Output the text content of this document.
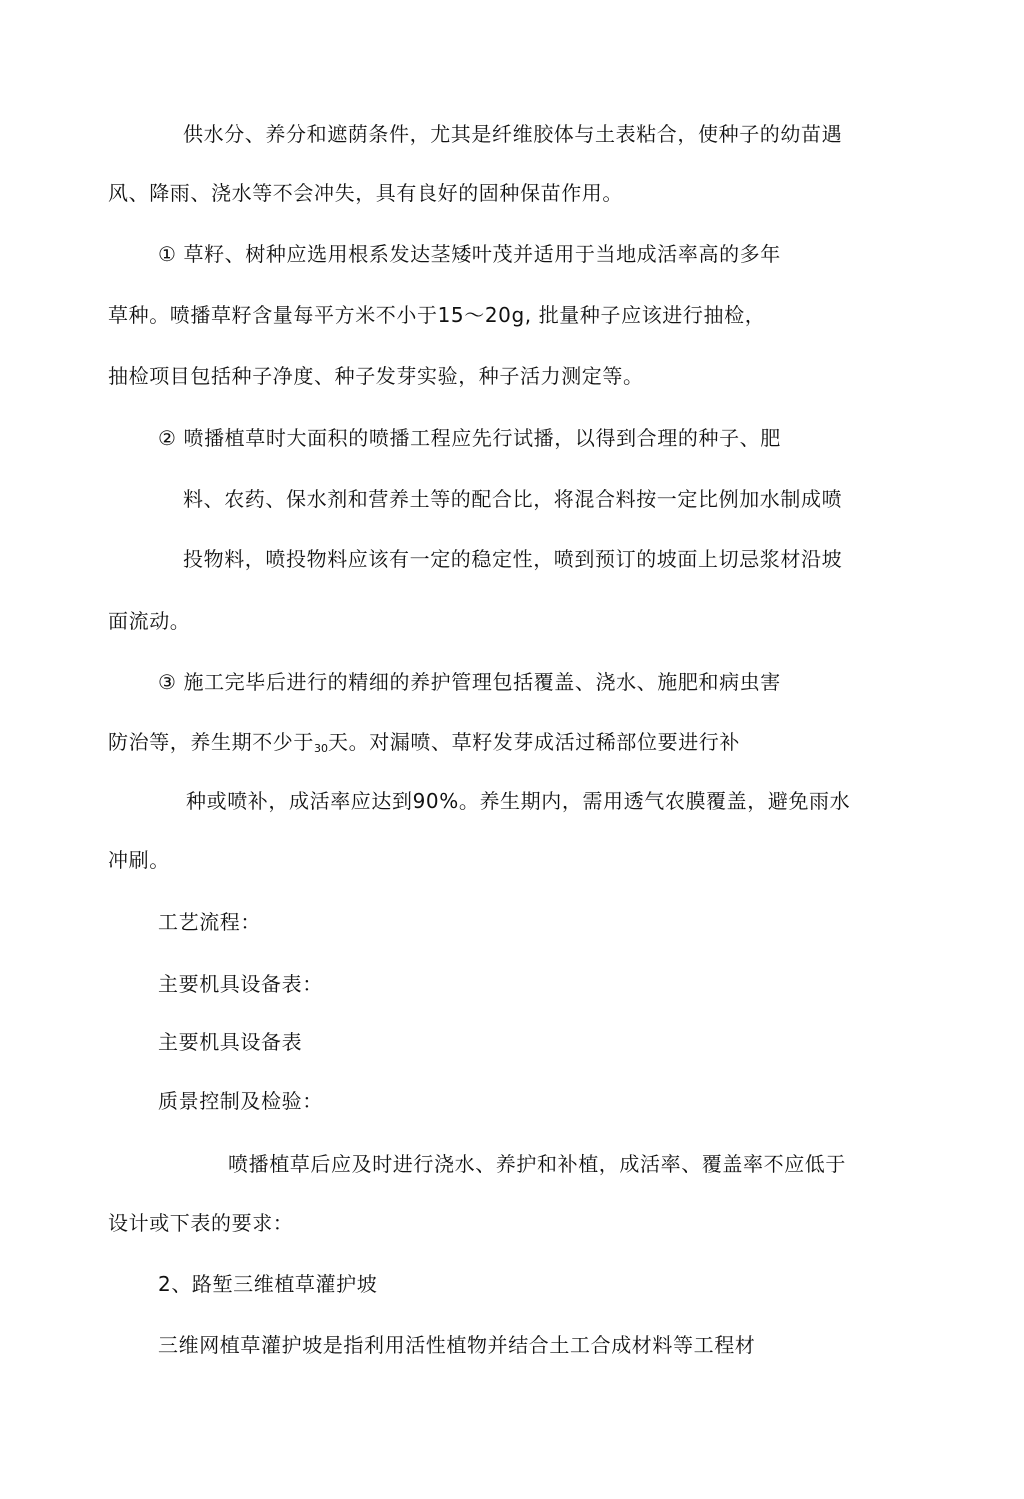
供水分、养分和遮荫条件，尤其是纤维胶体与土表粘合，使种子的幼苗遇
风、降雨、浇水等不会冲失，具有良好的固种保苗作用。
① 草籽、树种应选用根系发达茎矮叶茂并适用于当地成活率高的多年
草种。喷播草籽含量每平方米不小于15～20g, 批量种子应该进行抽检，
抽检项目包括种子净度、种子发芽实验，种子活力测定等。
② 喷播植草时大面积的喷播工程应先行试播，以得到合理的种子、肥
料、农药、保水剂和营养土等的配合比，将混合料按一定比例加水制成喷
投物料，喷投物料应该有一定的稳定性，喷到预订的坡面上切忌浆材沿坡
面流动。
③ 施工完毕后进行的精细的养护管理包括覆盖、浇水、施肥和病虫害
防治等，养生期不少于$_{30}$天。对漏喷、草籽发芽成活过稀部位要进行补
种或喷补，成活率应达到90%。养生期内，需用透气农膜覆盖，避免雨水
冲刷。
工艺流程：
主要机具设备表：
主要机具设备表
质景控制及检验：
喷播植草后应及时进行浇水、养护和补植，成活率、覆盖率不应低于
设计或下表的要求：
2、路堑三维植草灌护坡
三维网植草灌护坡是指利用活性植物并结合土工合成材料等工程材
